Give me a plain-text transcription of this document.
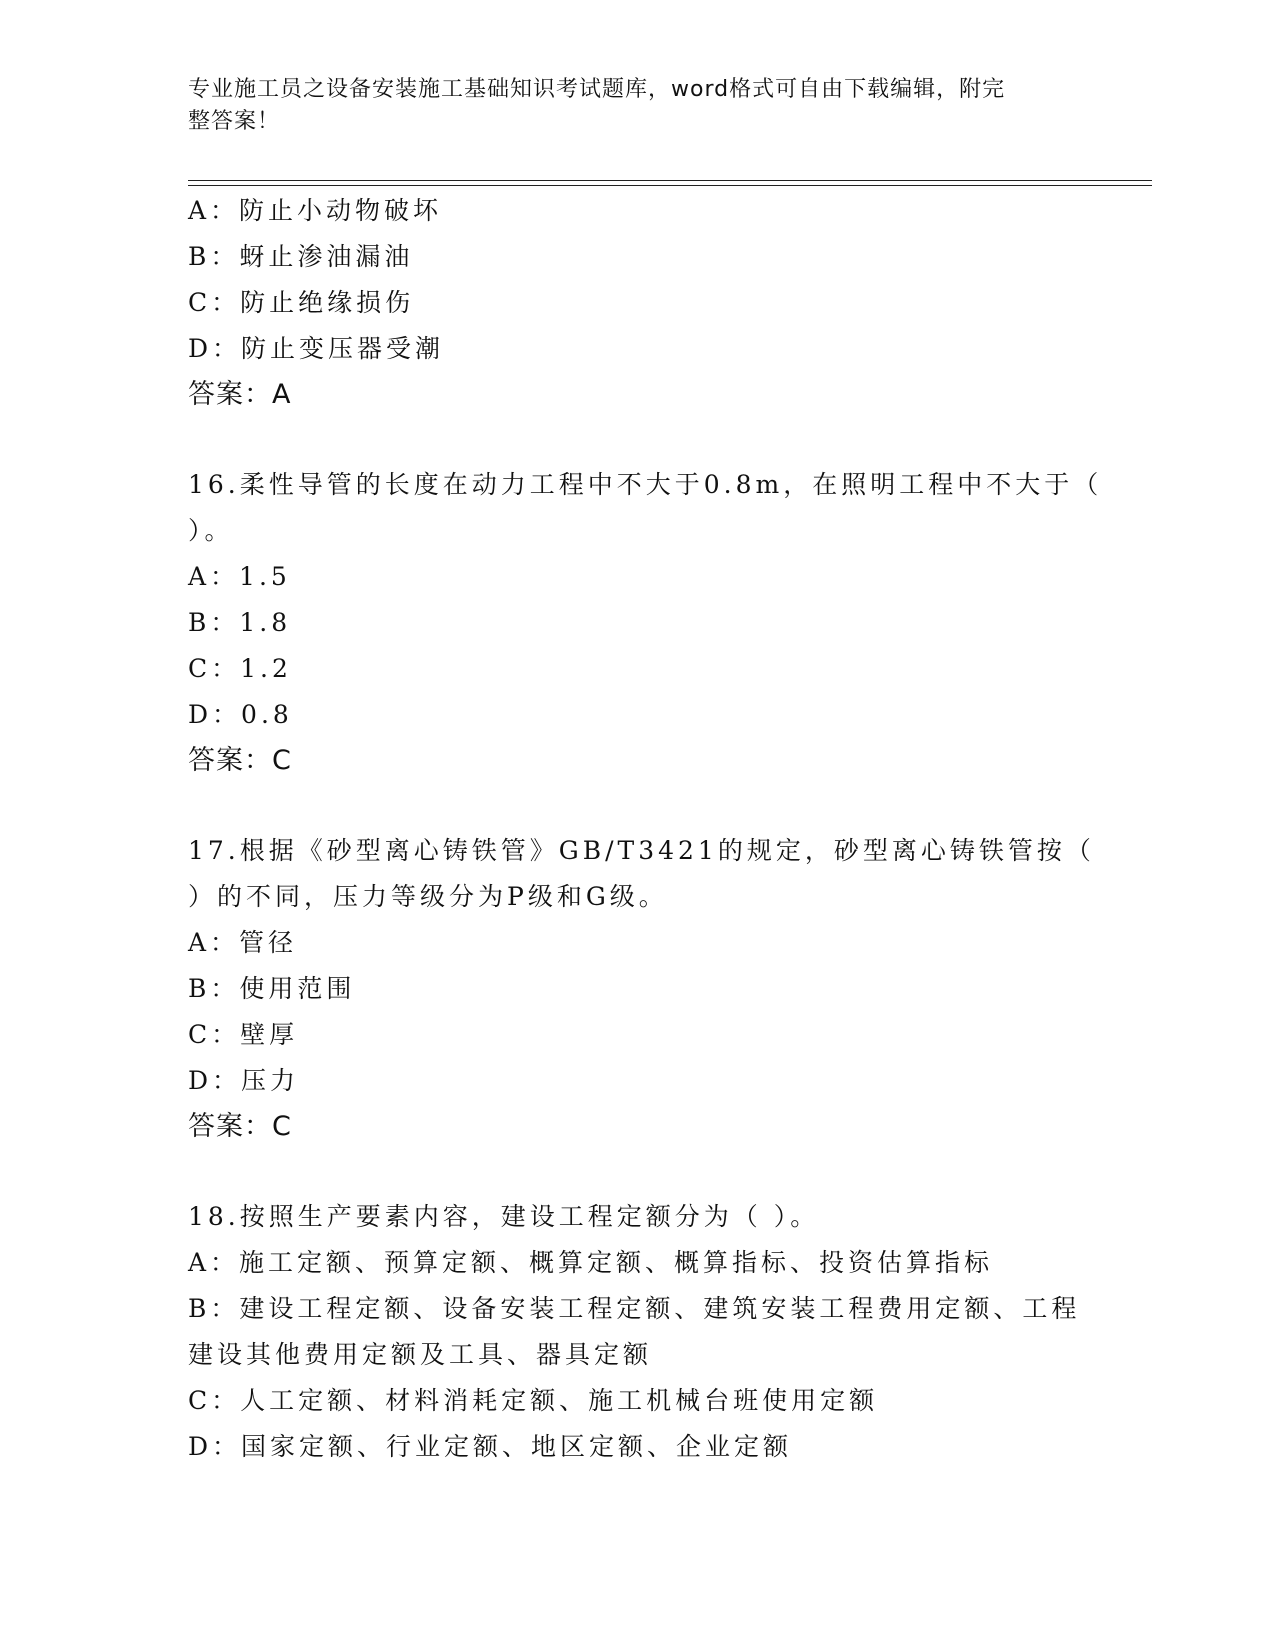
专业施工员之设备安装施工基础知识考试题库，word格式可自由下载编辑，附完
整答案！
A：防止小动物破坏
B：蚜止渗油漏油
C：防止绝缘损伤
D：防止变压器受潮
答案：A
16.柔性导管的长度在动力工程中不大于0.8m，在照明工程中不大于（
）。
A：1.5
B：1.8
C：1.2
D：0.8
答案：C
17.根据《砂型离心铸铁管》GB/T3421的规定，砂型离心铸铁管按（
）的不同，压力等级分为P级和G级。
A：管径
B：使用范围
C：壁厚
D：压力
答案：C
18.按照生产要素内容，建设工程定额分为（ ）。
A：施工定额、预算定额、概算定额、概算指标、投资估算指标
B：建设工程定额、设备安装工程定额、建筑安装工程费用定额、工程
建设其他费用定额及工具、器具定额
C：人工定额、材料消耗定额、施工机械台班使用定额
D：国家定额、行业定额、地区定额、企业定额
